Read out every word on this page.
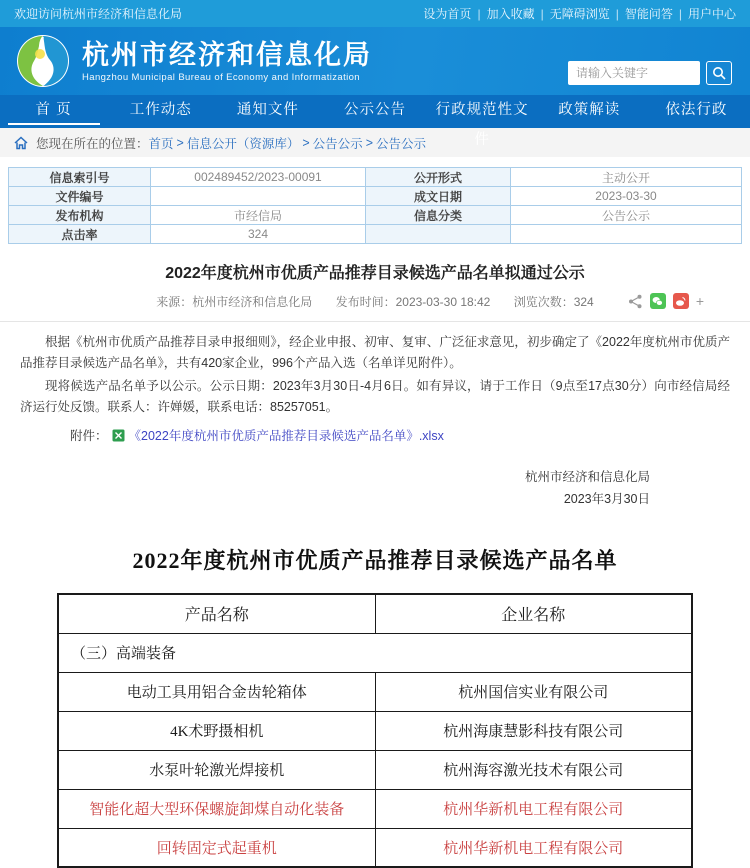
欢迎访问杭州市经济和信息化局	设为首页 | 加入收藏 | 无障碍浏览 | 智能问答 | 用户中心
杭州市经济和信息化局
Hangzhou Municipal Bureau of Economy and Informatization
请输入关键字
首 页	工作动态	通知文件	公示公告	行政规范性文件
政策解读	依法行政
您现在所在的位置： 首页 > 信息公开（资源库） > 公告公示 > 公告公示
信息索引号	002489452/2023-00091	公开形式	主动公开
文件编号		成文日期	2023-03-30
发布机构	市经信局	信息分类	公告公示
点击率	324		
2022年度杭州市优质产品推荐目录候选产品名单拟通过公示
来源：杭州市经济和信息化局 发布时间：2023-03-30 18:42 浏览次数：324	+

根据《杭州市优质产品推荐目录申报细则》，经企业申报、初审、复审、广泛征求意见，初步确定了《2022年度杭州市优质产品推荐目录候选产品名单》，共有420家企业，996个产品入选（名单详见附件）。

现将候选产品名单予以公示。公示日期：2023年3月30日-4月6日。如有异议，请于工作日（9点至17点30分）向市经信局经济运行处反馈。联系人：许婵媛，联系电话：85257051。

附件： 《2022年度杭州市优质产品推荐目录候选产品名单》.xlsx
杭州市经济和信息化局
2023年3月30日
2022年度杭州市优质产品推荐目录候选产品名单
产品名称	企业名称
（三）高端装备	
电动工具用铝合金齿轮箱体	杭州国信实业有限公司
4K术野摄相机	杭州海康慧影科技有限公司
水泵叶轮激光焊接机	杭州海容激光技术有限公司
智能化超大型环保螺旋卸煤自动化装备	杭州华新机电工程有限公司
回转固定式起重机	杭州华新机电工程有限公司
